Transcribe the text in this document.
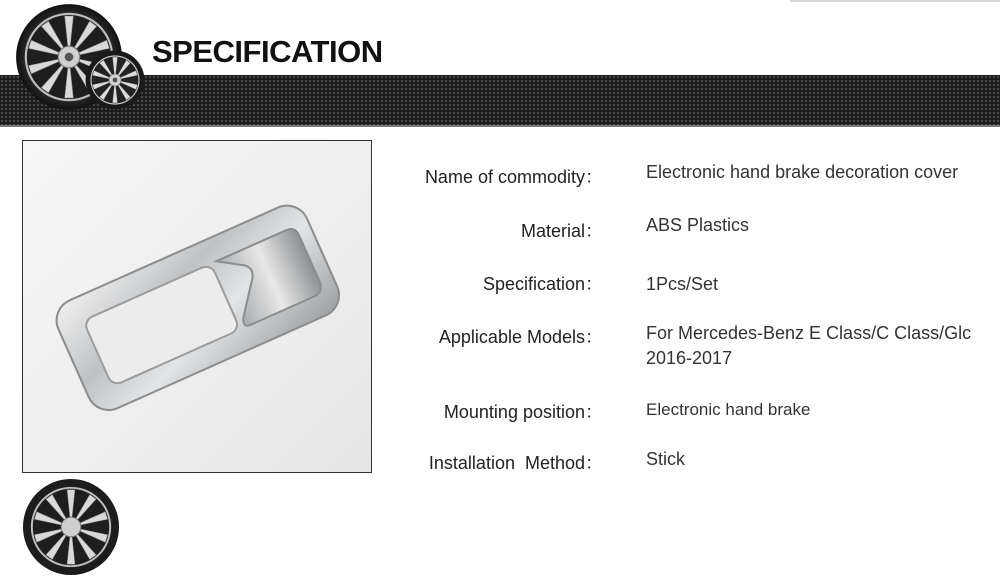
SPECIFICATION
Name of commodity： Electronic hand brake decoration cover
Material： ABS Plastics
Specification： 1Pcs/Set
Applicable Models： For Mercedes-Benz E Class/C Class/Glc 2016-2017
Mounting position：	Electronic hand brake
Installation  Method： Stick
